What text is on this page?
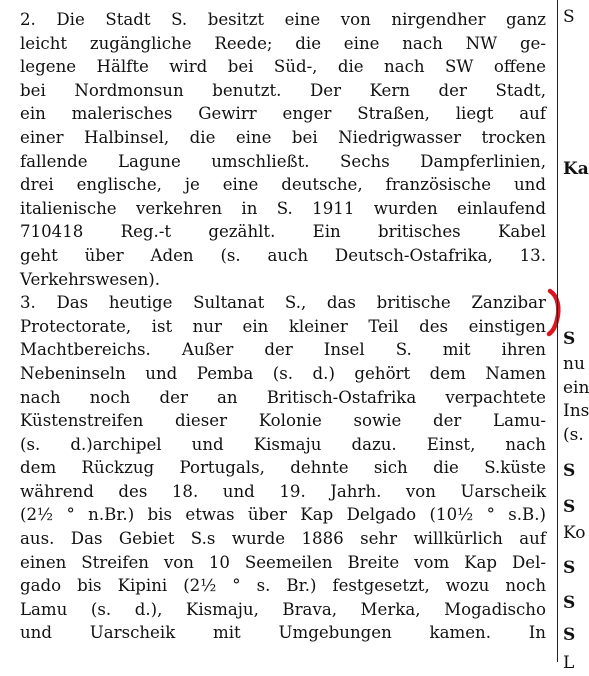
2. Die Stadt S. besitzt eine von nirgendher ganz
leicht zugängliche Reede; die eine nach NW ge-
legene Hälfte wird bei Süd-, die nach SW offene
bei Nordmonsun benutzt. Der Kern der Stadt,
ein malerisches Gewirr enger Straßen, liegt auf
einer Halbinsel, die eine bei Niedrigwasser trocken
fallende Lagune umschließt. Sechs Dampferlinien,
drei englische, je eine deutsche, französische und
italienische verkehren in S. 1911 wurden einlaufend
710418 Reg.-t gezählt. Ein britisches Kabel
geht über Aden (s. auch Deutsch-Ostafrika, 13.
Verkehrswesen).
3. Das heutige Sultanat S., das britische Zanzibar
Protectorate, ist nur ein kleiner Teil des einstigen
Machtbereichs. Außer der Insel S. mit ihren
Nebeninseln und Pemba (s. d.) gehört dem Namen
nach noch der an Britisch-Ostafrika verpachtete
Küstenstreifen dieser Kolonie sowie der Lamu-
(s. d.)archipel und Kismaju dazu. Einst, nach
dem Rückzug Portugals, dehnte sich die S.küste
während des 18. und 19. Jahrh. von Uarscheik
(2½ ° n.Br.) bis etwas über Kap Delgado (10½ ° s.B.)
aus. Das Gebiet S.s wurde 1886 sehr willkürlich auf
einen Streifen von 10 Seemeilen Breite vom Kap Del-
gado bis Kipini (2½ ° s. Br.) festgesetzt, wozu noch
Lamu (s. d.), Kismaju, Brava, Merka, Mogadischo
und Uarscheik mit Umgebungen kamen. In
S
Ka
S
nu
ein
Ins
(s.
S
S
Ko
S
S
S
L
